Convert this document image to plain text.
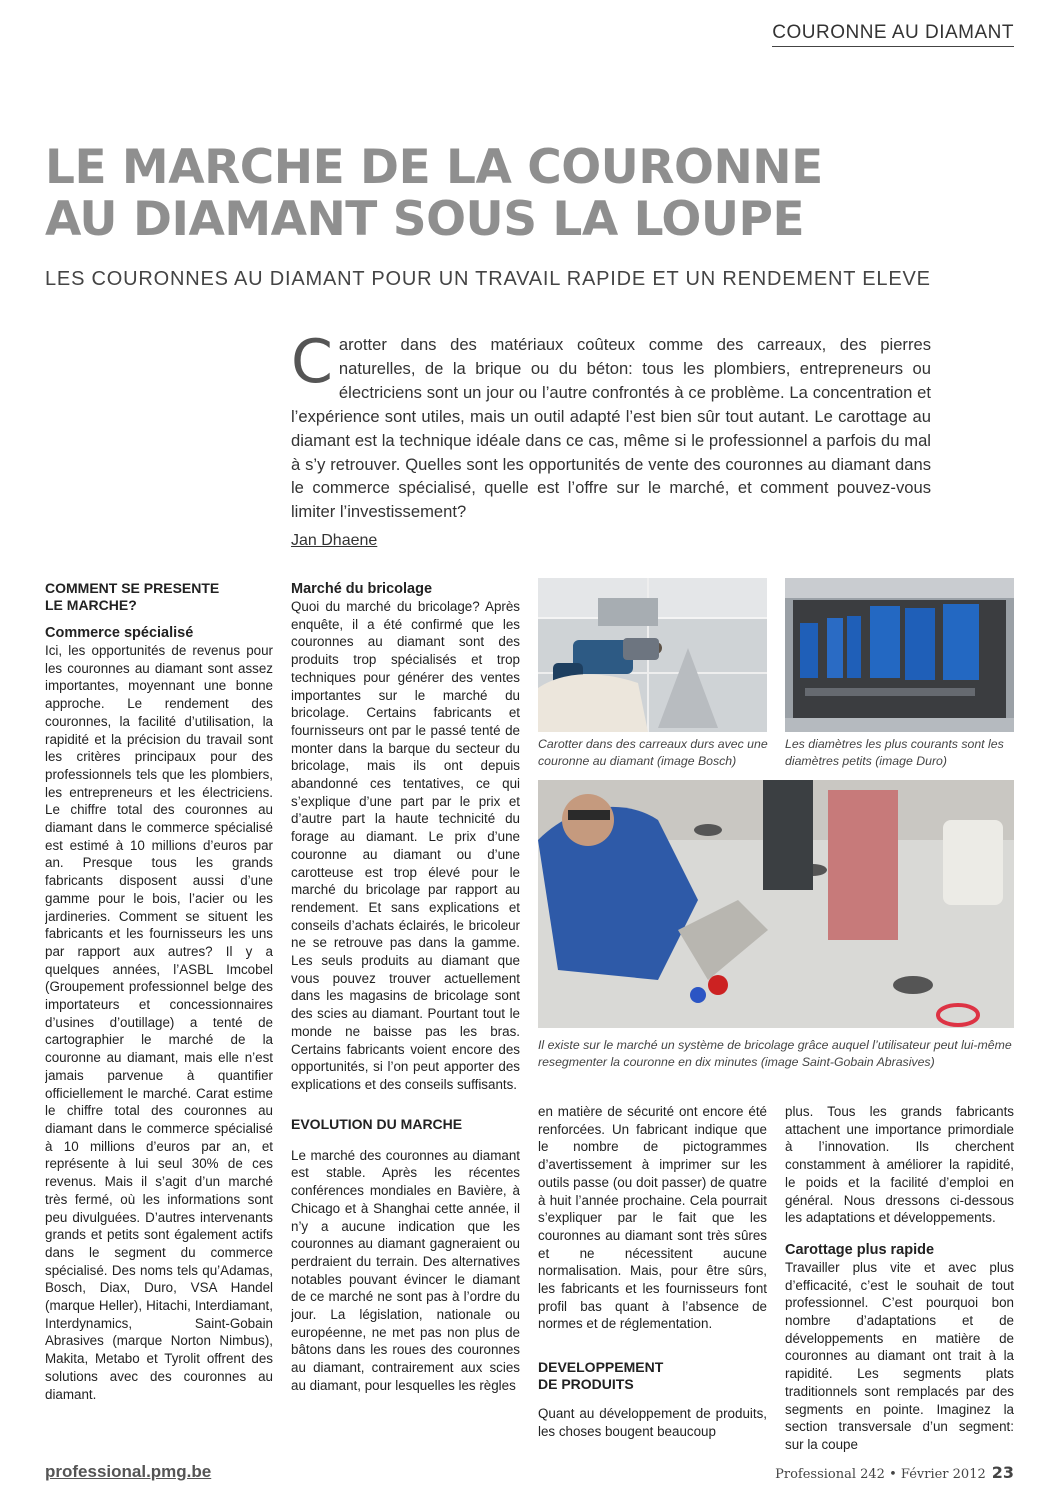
COURONNE AU DIAMANT
LE MARCHE DE LA COURONNE
AU DIAMANT SOUS LA LOUPE
LES COURONNES AU DIAMANT POUR UN TRAVAIL RAPIDE ET UN RENDEMENT ELEVE
Carotter dans des matériaux coûteux comme des carreaux, des pierres naturelles, de la brique ou du béton: tous les plombiers, entrepreneurs ou électriciens sont un jour ou l’autre confrontés à ce problème. La concentration et l’expérience sont utiles, mais un outil adapté l’est bien sûr tout autant. Le carottage au diamant est la technique idéale dans ce cas, même si le professionnel a parfois du mal à s’y retrouver. Quelles sont les opportunités de vente des couronnes au diamant dans le commerce spécialisé, quelle est l’offre sur le marché, et comment pouvez-vous limiter l’investissement?
Jan Dhaene
COMMENT SE PRESENTE
LE MARCHE?
Commerce spécialisé

Ici, les opportunités de revenus pour les couronnes au diamant sont assez importantes, moyennant une bonne approche. Le rendement des couronnes, la facilité d’utilisation, la rapidité et la précision du travail sont les critères principaux pour des professionnels tels que les plombiers, les entrepreneurs et les électriciens. Le chiffre total des couronnes au diamant dans le commerce spécialisé est estimé à 10 millions d’euros par an. Presque tous les grands fabricants disposent aussi d’une gamme pour le bois, l’acier ou les jardineries. Comment se situent les fabricants et les fournisseurs les uns par rapport aux autres? Il y a quelques années, l’ASBL Imcobel (Groupement professionnel belge des importateurs et concessionnaires d’usines d’outillage) a tenté de cartographier le marché de la couronne au diamant, mais elle n’est jamais parvenue à quantifier officiellement le marché. Carat estime le chiffre total des couronnes au diamant dans le commerce spécialisé à 10 millions d’euros par an, et représente à lui seul 30% de ces revenus. Mais il s’agit d’un marché très fermé, où les informations sont peu divulguées. D’autres intervenants grands et petits sont également actifs dans le segment du commerce spécialisé. Des noms tels qu’Adamas, Bosch, Diax, Duro, VSA Handel (marque Heller), Hitachi, Interdiamant, Interdynamics, Saint-Gobain Abrasives (marque Norton Nimbus), Makita, Metabo et Tyrolit offrent des solutions avec des couronnes au diamant.

Marché du bricolage

Quoi du marché du bricolage? Après enquête, il a été confirmé que les couronnes au diamant sont des produits trop spécialisés et trop techniques pour générer des ventes importantes sur le marché du bricolage. Certains fabricants et fournisseurs ont par le passé tenté de monter dans la barque du secteur du bricolage, mais ils ont depuis abandonné ces tentatives, ce qui s’explique d’une part par le prix et d’autre part la haute technicité du forage au diamant. Le prix d’une couronne au diamant ou d’une carotteuse est trop élevé pour le marché du bricolage par rapport au rendement. Et sans explications et conseils d’achats éclairés, le bricoleur ne se retrouve pas dans la gamme. Les seuls produits au diamant que vous pouvez trouver actuellement dans les magasins de bricolage sont des scies au diamant. Pourtant tout le monde ne baisse pas les bras. Certains fabricants voient encore des opportunités, si l’on peut apporter des explications et des conseils suffisants.

EVOLUTION DU MARCHE

Le marché des couronnes au diamant est stable. Après les récentes conférences mondiales en Bavière, à Chicago et à Shanghai cette année, il n’y a aucune indication que les couronnes au diamant gagneraient ou perdraient du terrain. Des alternatives notables pouvant évincer le diamant de ce marché ne sont pas à l’ordre du jour. La législation, nationale ou européenne, ne met pas non plus de bâtons dans les roues des couronnes au diamant, contrairement aux scies au diamant, pour lesquelles les règles

Carotter dans des carreaux durs avec une couronne au diamant (image Bosch)
Les diamètres les plus courants sont les diamètres petits (image Duro)
Il existe sur le marché un système de bricolage grâce auquel l’utilisateur peut lui-même resegmenter la couronne en dix minutes (image Saint-Gobain Abrasives)

en matière de sécurité ont encore été renforcées. Un fabricant indique que le nombre de pictogrammes d’avertissement à imprimer sur les outils passe (ou doit passer) de quatre à huit l’année prochaine. Cela pourrait s’expliquer par le fait que les couronnes au diamant sont très sûres et ne nécessitent aucune normalisation. Mais, pour être sûrs, les fabricants et les fournisseurs font profil bas quant à l’absence de normes et de réglementation.

DEVELOPPEMENT
DE PRODUITS

Quant au développement de produits, les choses bougent beaucoup

plus. Tous les grands fabricants attachent une importance primordiale à l’innovation. Ils cherchent constamment à améliorer la rapidité, le poids et la facilité d’emploi en général. Nous dressons ci-dessous les adaptations et développements.

Carottage plus rapide

Travailler plus vite et avec plus d’efficacité, c’est le souhait de tout professionnel. C’est pourquoi bon nombre d’adaptations et de développements en matière de couronnes au diamant ont trait à la rapidité. Les segments plats traditionnels sont remplacés par des segments en pointe. Imaginez la section transversale d’un segment: sur la coupe

professional.pmg.be	Professional 242 • Février 2012 23
